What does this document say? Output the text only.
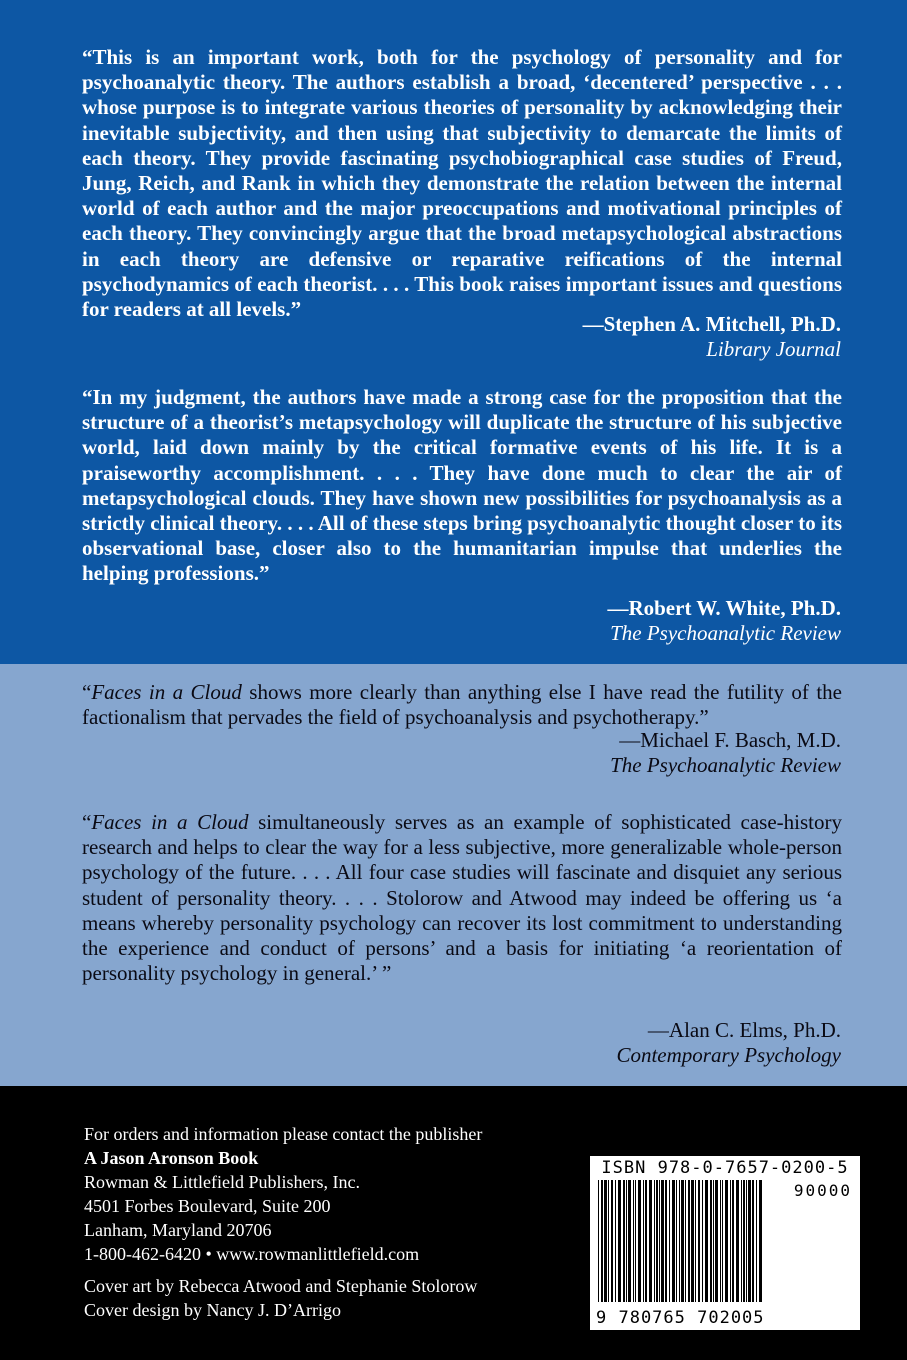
“This is an important work, both for the psychology of personality and for psychoanalytic theory. The authors establish a broad, ‘decentered’ perspective . . . whose purpose is to integrate various theories of personality by acknowledging their inevitable subjectivity, and then using that subjectivity to demarcate the limits of each theory. They provide fascinating psychobiographical case studies of Freud, Jung, Reich, and Rank in which they demonstrate the relation between the internal world of each author and the major preoccupations and motivational principles of each theory. They convincingly argue that the broad metapsychological abstractions in each theory are defensive or reparative reifications of the internal psychodynamics of each theorist. . . . This book raises important issues and questions for readers at all levels.”
—Stephen A. Mitchell, Ph.D.
Library Journal
“In my judgment, the authors have made a strong case for the proposition that the structure of a theorist’s metapsychology will duplicate the structure of his subjective world, laid down mainly by the critical formative events of his life. It is a praiseworthy accomplishment. . . . They have done much to clear the air of metapsychological clouds. They have shown new possibilities for psychoanalysis as a strictly clinical theory. . . . All of these steps bring psychoanalytic thought closer to its observational base, closer also to the humanitarian impulse that underlies the helping professions.”
—Robert W. White, Ph.D.
The Psychoanalytic Review
“Faces in a Cloud shows more clearly than anything else I have read the futility of the factionalism that pervades the field of psychoanalysis and psychotherapy.”
—Michael F. Basch, M.D.
The Psychoanalytic Review
“Faces in a Cloud simultaneously serves as an example of sophisticated case-history research and helps to clear the way for a less subjective, more generalizable whole-person psychology of the future. . . . All four case studies will fascinate and disquiet any serious student of personality theory. . . . Stolorow and Atwood may indeed be offering us ‘a means whereby personality psychology can recover its lost commitment to understanding the experience and conduct of persons’ and a basis for initiating ‘a reorientation of personality psychology in general.’ ”
—Alan C. Elms, Ph.D.
Contemporary Psychology
For orders and information please contact the publisher
A Jason Aronson Book
Rowman & Littlefield Publishers, Inc.
4501 Forbes Boulevard, Suite 200
Lanham, Maryland 20706
1-800-462-6420 • www.rowmanlittlefield.com
Cover art by Rebecca Atwood and Stephanie Stolorow
Cover design by Nancy J. D’Arrigo
ISBN 978-0-7657-0200-5
90000
9 780765 702005
